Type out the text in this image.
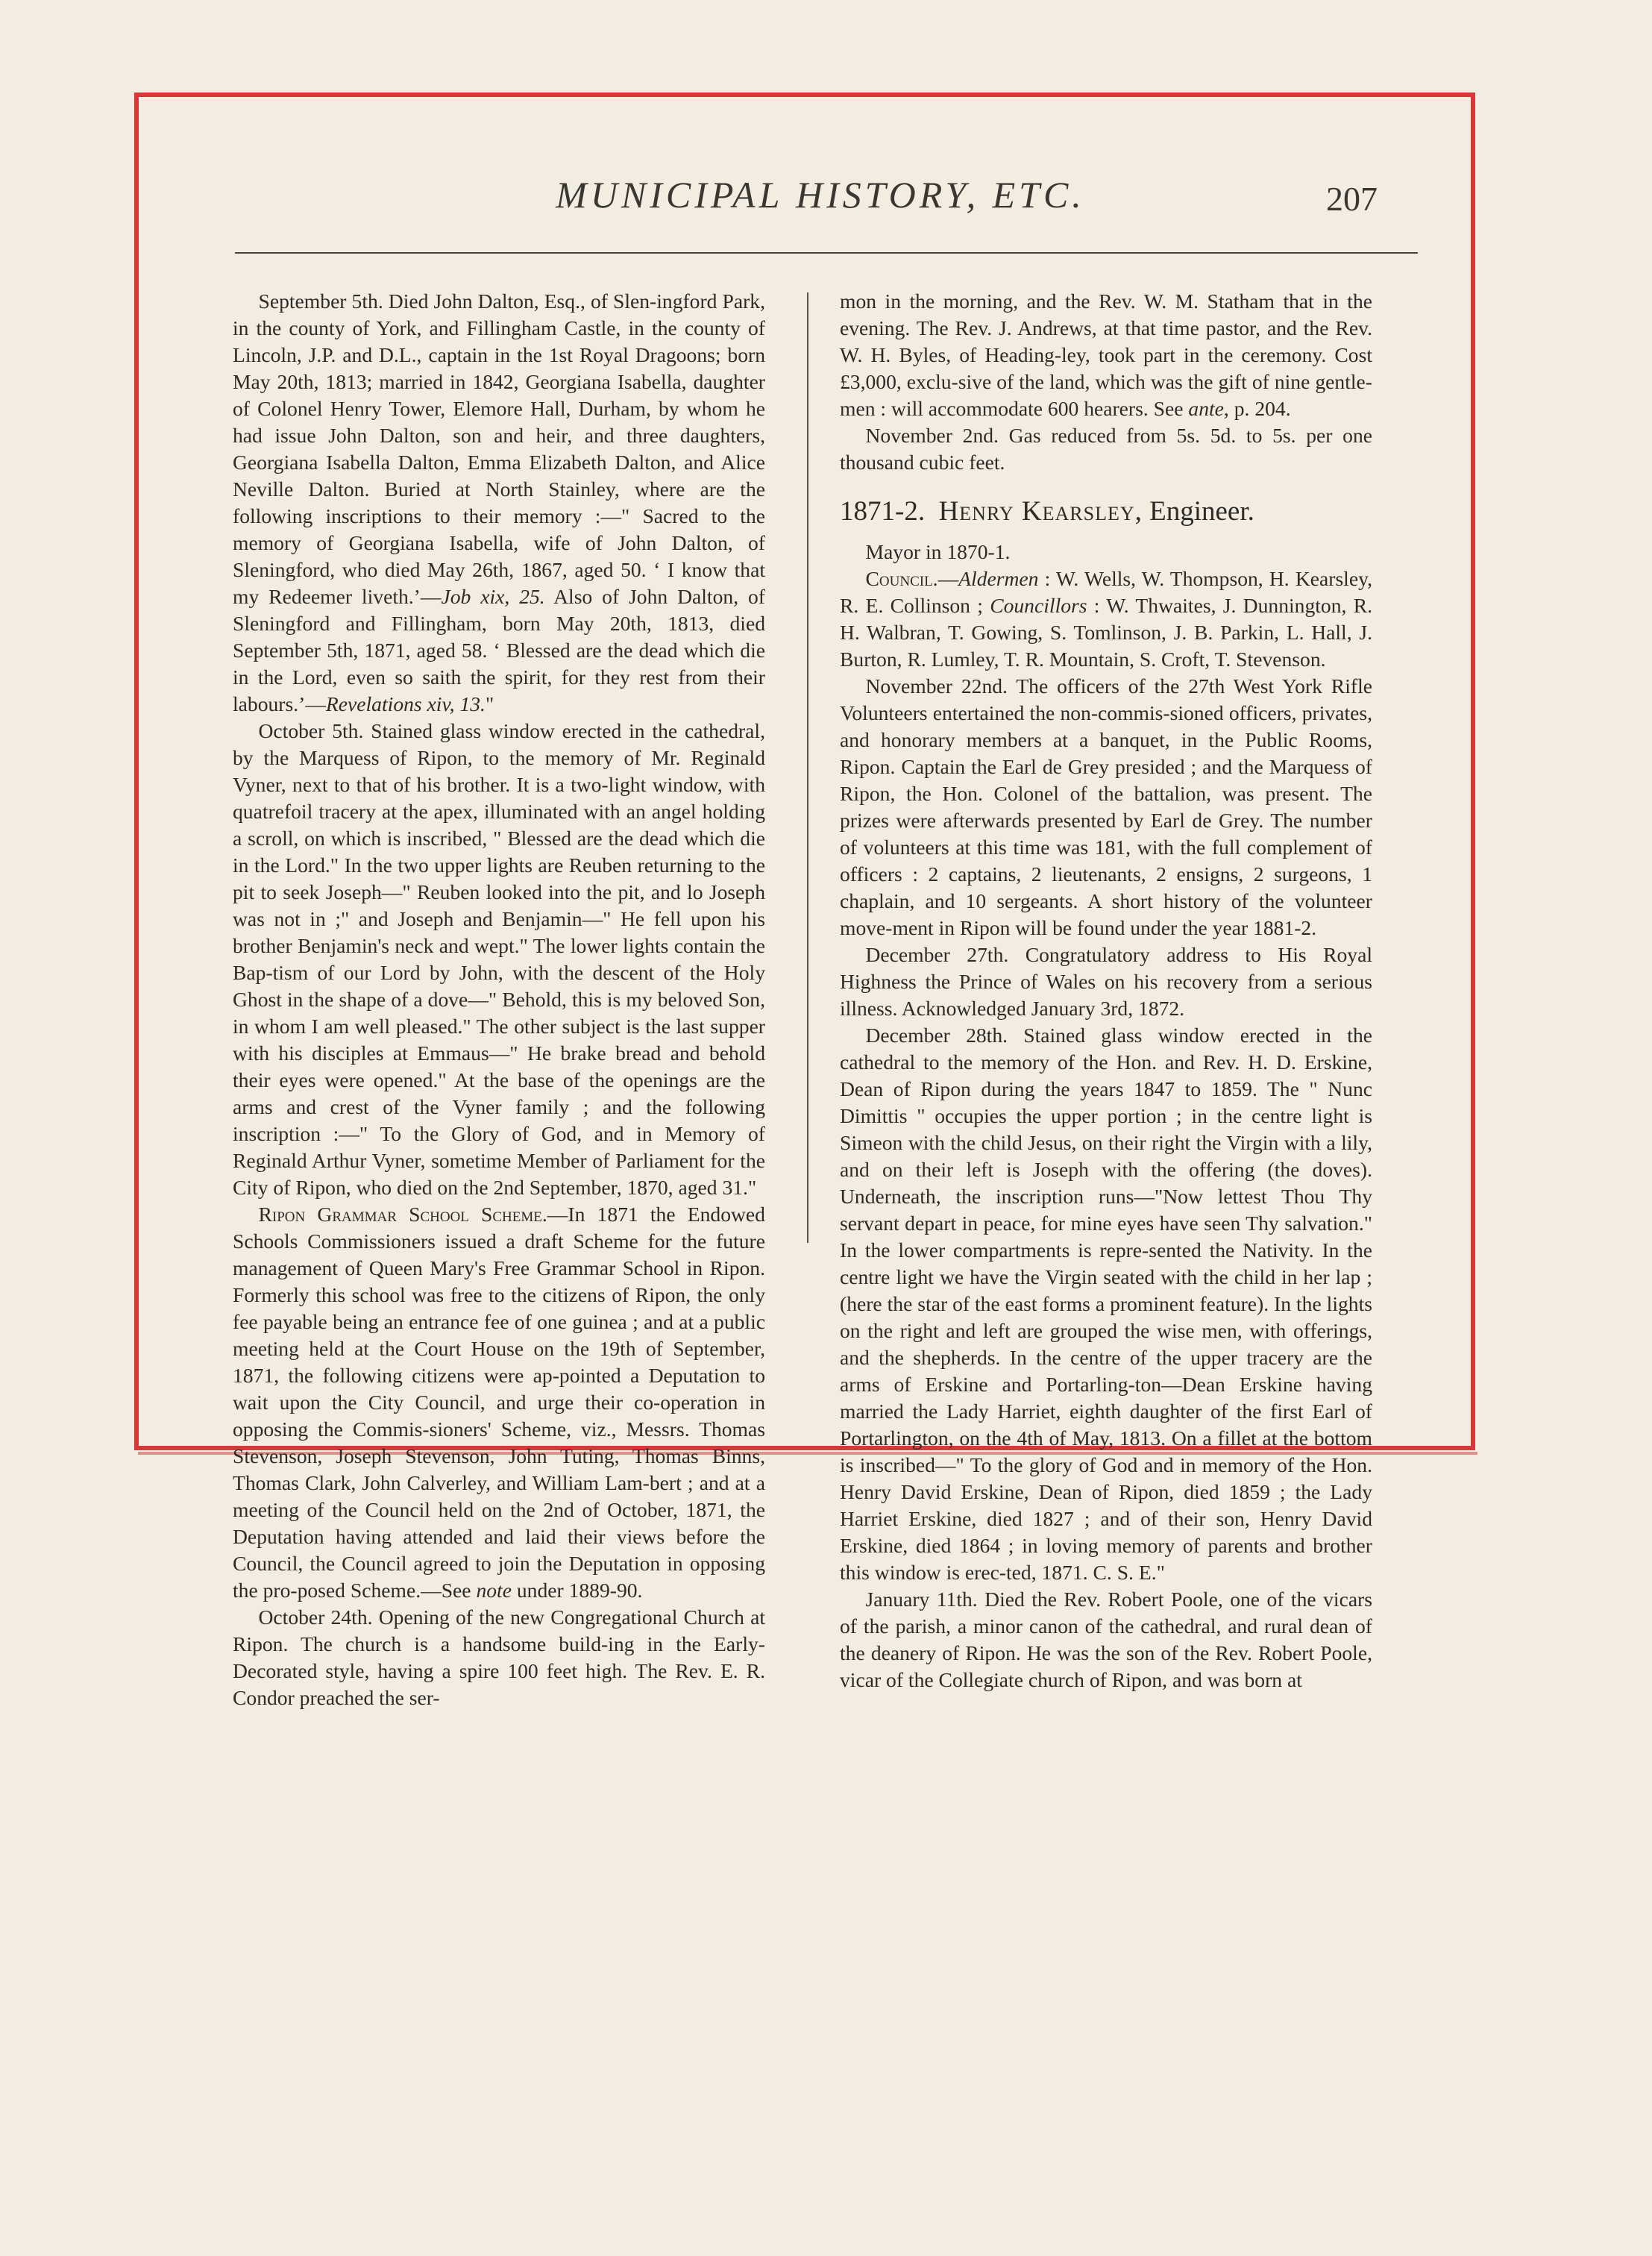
MUNICIPAL HISTORY, ETC.	207

September 5th. Died John Dalton, Esq., of Slen-ingford Park, in the county of York, and Fillingham Castle, in the county of Lincoln, J.P. and D.L., captain in the 1st Royal Dragoons; born May 20th, 1813; married in 1842, Georgiana Isabella, daughter of Colonel Henry Tower, Elemore Hall, Durham, by whom he had issue John Dalton, son and heir, and three daughters, Georgiana Isabella Dalton, Emma Elizabeth Dalton, and Alice Neville Dalton. Buried at North Stainley, where are the following inscriptions to their memory :—" Sacred to the memory of Georgiana Isabella, wife of John Dalton, of Sleningford, who died May 26th, 1867, aged 50. ‘ I know that my Redeemer liveth.’—Job xix, 25. Also of John Dalton, of Sleningford and Fillingham, born May 20th, 1813, died September 5th, 1871, aged 58. ‘ Blessed are the dead which die in the Lord, even so saith the spirit, for they rest from their labours.’—Revelations xiv, 13."

October 5th. Stained glass window erected in the cathedral, by the Marquess of Ripon, to the memory of Mr. Reginald Vyner, next to that of his brother. It is a two-light window, with quatrefoil tracery at the apex, illuminated with an angel holding a scroll, on which is inscribed, " Blessed are the dead which die in the Lord." In the two upper lights are Reuben returning to the pit to seek Joseph—" Reuben looked into the pit, and lo Joseph was not in ;" and Joseph and Benjamin—" He fell upon his brother Benjamin's neck and wept." The lower lights contain the Bap-tism of our Lord by John, with the descent of the Holy Ghost in the shape of a dove—" Behold, this is my beloved Son, in whom I am well pleased." The other subject is the last supper with his disciples at Emmaus—" He brake bread and behold their eyes were opened." At the base of the openings are the arms and crest of the Vyner family ; and the following inscription :—" To the Glory of God, and in Memory of Reginald Arthur Vyner, sometime Member of Parliament for the City of Ripon, who died on the 2nd September, 1870, aged 31."

Ripon Grammar School Scheme.—In 1871 the Endowed Schools Commissioners issued a draft Scheme for the future management of Queen Mary's Free Grammar School in Ripon. Formerly this school was free to the citizens of Ripon, the only fee payable being an entrance fee of one guinea ; and at a public meeting held at the Court House on the 19th of September, 1871, the following citizens were ap-pointed a Deputation to wait upon the City Council, and urge their co-operation in opposing the Commis-sioners' Scheme, viz., Messrs. Thomas Stevenson, Joseph Stevenson, John Tuting, Thomas Binns, Thomas Clark, John Calverley, and William Lam-bert ; and at a meeting of the Council held on the 2nd of October, 1871, the Deputation having attended and laid their views before the Council, the Council agreed to join the Deputation in opposing the pro-posed Scheme.—See note under 1889-90.

October 24th. Opening of the new Congregational Church at Ripon. The church is a handsome build-ing in the Early-Decorated style, having a spire 100 feet high. The Rev. E. R. Condor preached the ser-

mon in the morning, and the Rev. W. M. Statham that in the evening. The Rev. J. Andrews, at that time pastor, and the Rev. W. H. Byles, of Heading-ley, took part in the ceremony. Cost £3,000, exclu-sive of the land, which was the gift of nine gentle-men : will accommodate 600 hearers. See ante, p. 204.

November 2nd. Gas reduced from 5s. 5d. to 5s. per one thousand cubic feet.

1871-2. Henry Kearsley, Engineer.

Mayor in 1870-1.

Council.—Aldermen : W. Wells, W. Thompson, H. Kearsley, R. E. Collinson ; Councillors : W. Thwaites, J. Dunnington, R. H. Walbran, T. Gowing, S. Tomlinson, J. B. Parkin, L. Hall, J. Burton, R. Lumley, T. R. Mountain, S. Croft, T. Stevenson.

November 22nd. The officers of the 27th West York Rifle Volunteers entertained the non-commis-sioned officers, privates, and honorary members at a banquet, in the Public Rooms, Ripon. Captain the Earl de Grey presided ; and the Marquess of Ripon, the Hon. Colonel of the battalion, was present. The prizes were afterwards presented by Earl de Grey. The number of volunteers at this time was 181, with the full complement of officers : 2 captains, 2 lieutenants, 2 ensigns, 2 surgeons, 1 chaplain, and 10 sergeants. A short history of the volunteer move-ment in Ripon will be found under the year 1881-2.

December 27th. Congratulatory address to His Royal Highness the Prince of Wales on his recovery from a serious illness. Acknowledged January 3rd, 1872.

December 28th. Stained glass window erected in the cathedral to the memory of the Hon. and Rev. H. D. Erskine, Dean of Ripon during the years 1847 to 1859. The " Nunc Dimittis " occupies the upper portion ; in the centre light is Simeon with the child Jesus, on their right the Virgin with a lily, and on their left is Joseph with the offering (the doves). Underneath, the inscription runs—"Now lettest Thou Thy servant depart in peace, for mine eyes have seen Thy salvation." In the lower compartments is repre-sented the Nativity. In the centre light we have the Virgin seated with the child in her lap ; (here the star of the east forms a prominent feature). In the lights on the right and left are grouped the wise men, with offerings, and the shepherds. In the centre of the upper tracery are the arms of Erskine and Portarling-ton—Dean Erskine having married the Lady Harriet, eighth daughter of the first Earl of Portarlington, on the 4th of May, 1813. On a fillet at the bottom is inscribed—" To the glory of God and in memory of the Hon. Henry David Erskine, Dean of Ripon, died 1859 ; the Lady Harriet Erskine, died 1827 ; and of their son, Henry David Erskine, died 1864 ; in loving memory of parents and brother this window is erec-ted, 1871. C. S. E."

January 11th. Died the Rev. Robert Poole, one of the vicars of the parish, a minor canon of the cathedral, and rural dean of the deanery of Ripon. He was the son of the Rev. Robert Poole, vicar of the Collegiate church of Ripon, and was born at
